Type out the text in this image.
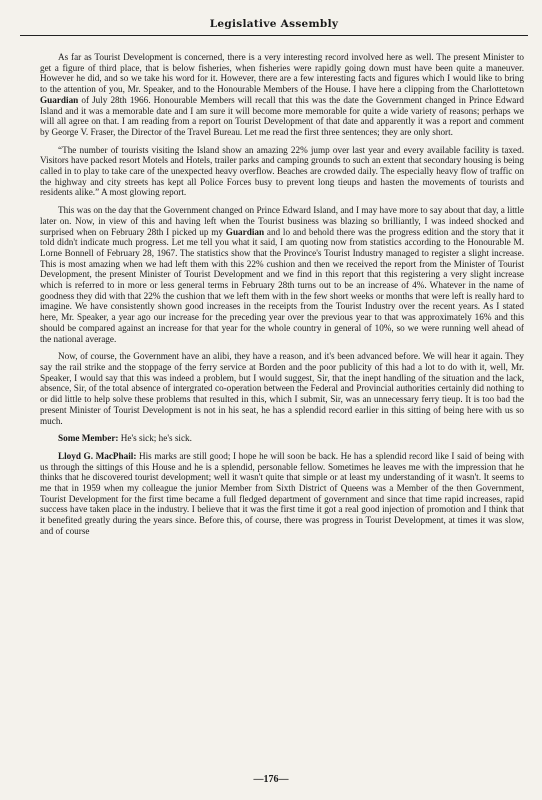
Legislative Assembly

As far as Tourist Development is concerned, there is a very interesting record involved here as well. The present Minister to get a figure of third place, that is below fisheries, when fisheries were rapidly going down must have been quite a maneuver. However he did, and so we take his word for it. However, there are a few interesting facts and figures which I would like to bring to the attention of you, Mr. Speaker, and to the Honourable Members of the House. I have here a clipping from the Charlottetown Guardian of July 28th 1966. Honourable Members will recall that this was the date the Government changed in Prince Edward Island and it was a memorable date and I am sure it will become more memorable for quite a wide variety of reasons; perhaps we will all agree on that. I am reading from a report on Tourist Development of that date and apparently it was a report and comment by George V. Fraser, the Director of the Travel Bureau. Let me read the first three sentences; they are only short.

“The number of tourists visiting the Island show an amazing 22% jump over last year and every available facility is taxed. Visitors have packed resort Motels and Hotels, trailer parks and camping grounds to such an extent that secondary housing is being called in to play to take care of the unexpected heavy overflow. Beaches are crowded daily. The especially heavy flow of traffic on the highway and city streets has kept all Police Forces busy to prevent long tieups and hasten the movements of tourists and residents alike.” A most glowing report.

This was on the day that the Government changed on Prince Edward Island, and I may have more to say about that day, a little later on. Now, in view of this and having left when the Tourist business was blazing so brilliantly, I was indeed shocked and surprised when on February 28th I picked up my Guardian and lo and behold there was the progress edition and the story that it told didn't indicate much progress. Let me tell you what it said, I am quoting now from statistics according to the Honourable M. Lorne Bonnell of February 28, 1967. The statistics show that the Province's Tourist Industry managed to register a slight increase. This is most amazing when we had left them with this 22% cushion and then we received the report from the Minister of Tourist Development, the present Minister of Tourist Development and we find in this report that this registering a very slight increase which is referred to in more or less general terms in February 28th turns out to be an increase of 4%. Whatever in the name of goodness they did with that 22% the cushion that we left them with in the few short weeks or months that were left is really hard to imagine. We have consistently shown good increases in the receipts from the Tourist Industry over the recent years. As I stated here, Mr. Speaker, a year ago our increase for the preceding year over the previous year to that was approximately 16% and this should be compared against an increase for that year for the whole country in general of 10%, so we were running well ahead of the national average.

Now, of course, the Government have an alibi, they have a reason, and it's been advanced before. We will hear it again. They say the rail strike and the stoppage of the ferry service at Borden and the poor publicity of this had a lot to do with it, well, Mr. Speaker, I would say that this was indeed a problem, but I would suggest, Sir, that the inept handling of the situation and the lack, absence, Sir, of the total absence of intergrated co-operation between the Federal and Provincial authorities certainly did nothing to or did little to help solve these problems that resulted in this, which I submit, Sir, was an unnecessary ferry tieup. It is too bad the present Minister of Tourist Development is not in his seat, he has a splendid record earlier in this sitting of being here with us so much.

Some Member: He's sick; he's sick.

Lloyd G. MacPhail: His marks are still good; I hope he will soon be back. He has a splendid record like I said of being with us through the sittings of this House and he is a splendid, personable fellow. Sometimes he leaves me with the impression that he thinks that he discovered tourist development; well it wasn't quite that simple or at least my understanding of it wasn't. It seems to me that in 1959 when my colleague the junior Member from Sixth District of Queens was a Member of the then Government, Tourist Development for the first time became a full fledged department of government and since that time rapid increases, rapid success have taken place in the industry. I believe that it was the first time it got a real good injection of promotion and I think that it benefited greatly during the years since. Before this, of course, there was progress in Tourist Development, at times it was slow, and of course

—176—
